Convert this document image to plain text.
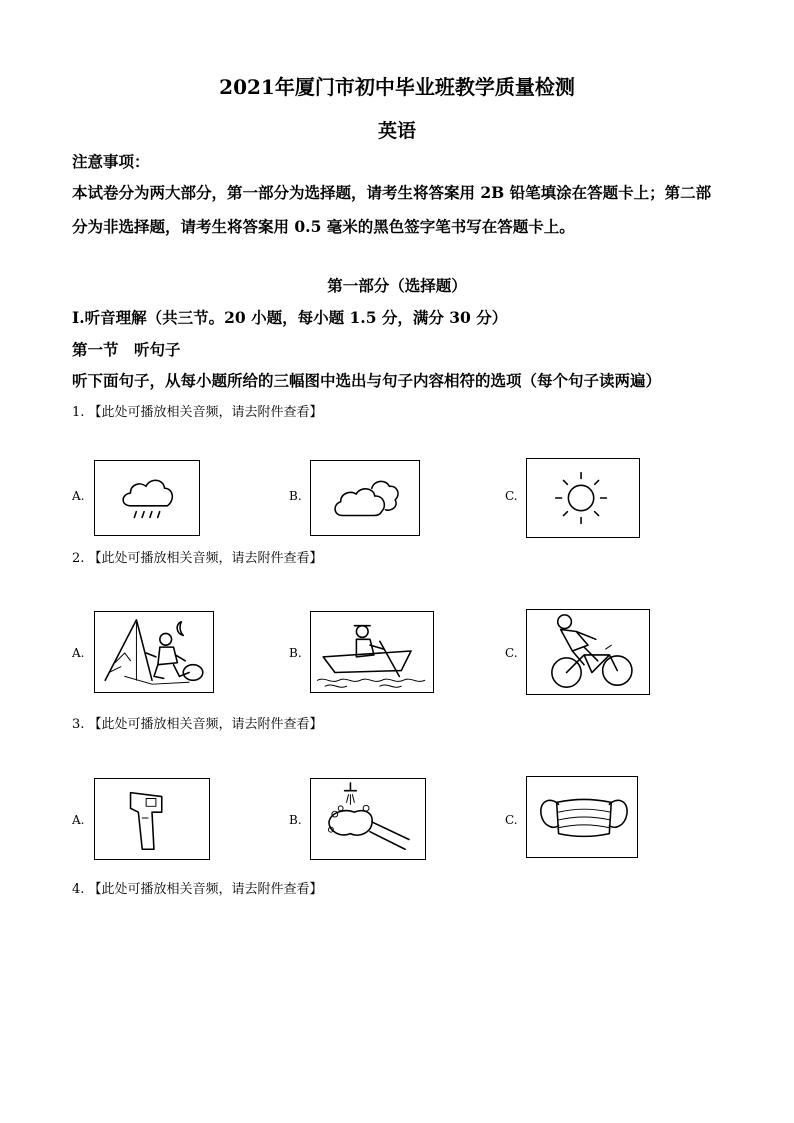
2021年厦门市初中毕业班教学质量检测
英语
注意事项：
本试卷分为两大部分，第一部分为选择题，请考生将答案用 2B 铅笔填涂在答题卡上；第二部
分为非选择题，请考生将答案用 0.5 毫米的黑色签字笔书写在答题卡上。
第一部分（选择题）
I.听音理解（共三节。20 小题，每小题 1.5 分，满分 30 分）
第一节　听句子
听下面句子，从每小题所给的三幅图中选出与句子内容相符的选项（每个句子读两遍）
1. 【此处可播放相关音频，请去附件查看】
A.	B.	C.
2. 【此处可播放相关音频，请去附件查看】
A.	B.	C.
3. 【此处可播放相关音频，请去附件查看】
A.	B.	C.
4. 【此处可播放相关音频，请去附件查看】
